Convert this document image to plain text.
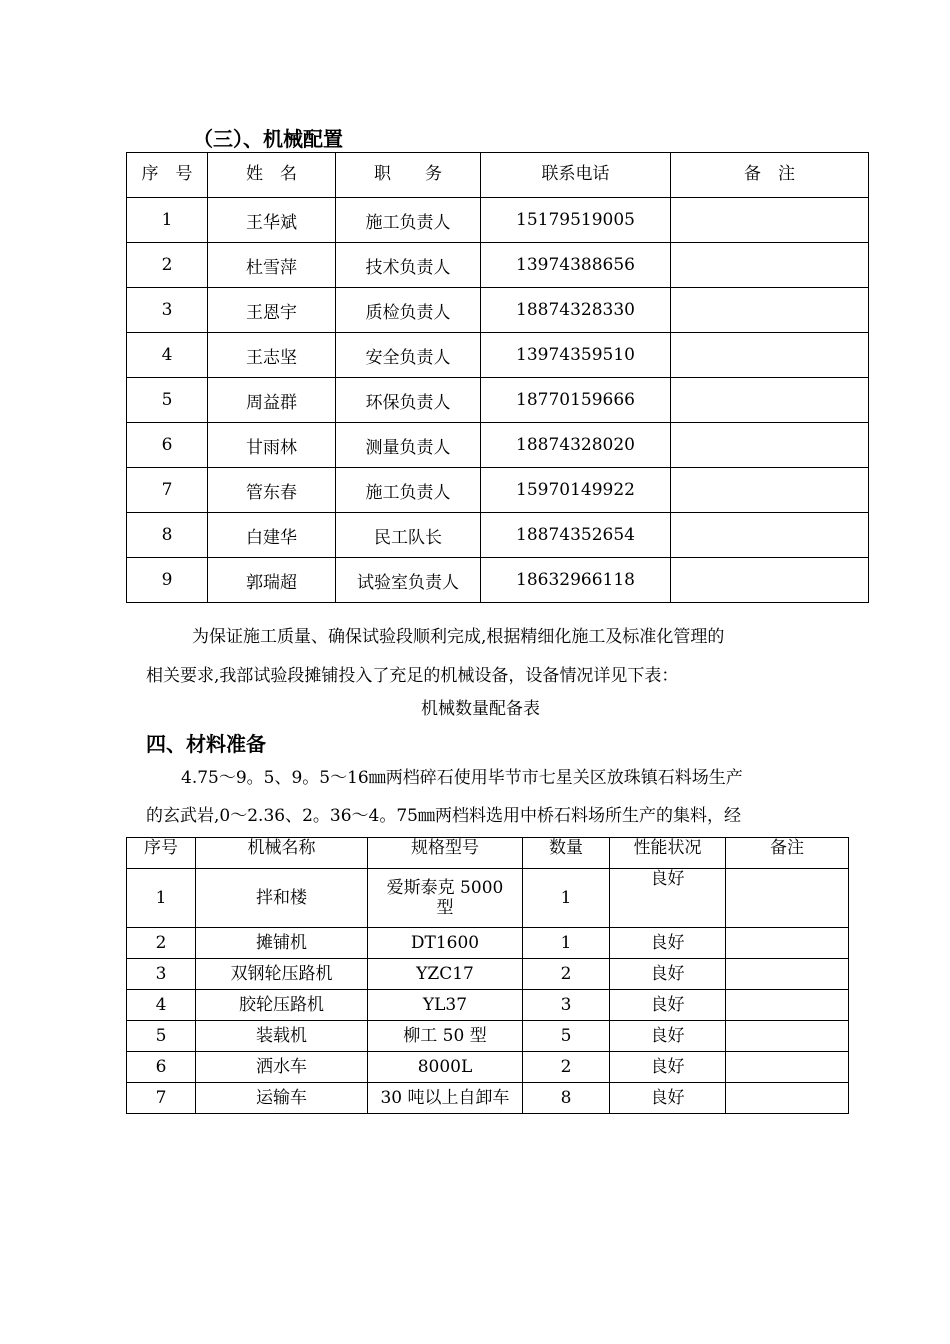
（三）、机械配置
序　号	姓　名	职　　务	联系电话	备　注
1	王华斌	施工负责人	15179519005	
2	杜雪萍	技术负责人	13974388656	
3	王恩宇	质检负责人	18874328330	
4	王志坚	安全负责人	13974359510	
5	周益群	环保负责人	18770159666	
6	甘雨林	测量负责人	18874328020	
7	管东春	施工负责人	15970149922	
8	白建华	民工队长	18874352654	
9	郭瑞超	试验室负责人	18632966118	
为保证施工质量、确保试验段顺利完成,根据精细化施工及标准化管理的
相关要求,我部试验段摊铺投入了充足的机械设备，设备情况详见下表：
机械数量配备表
四、材料准备
4.75～9。5、9。5～16㎜两档碎石使用毕节市七星关区放珠镇石料场生产
的玄武岩,0～2.36、2。36～4。75㎜两档料选用中桥石料场所生产的集料，经
序号	机械名称	规格型号	数量	性能状况	备注
1	拌和楼	爱斯泰克 5000 型	1	良好	
2	摊铺机	DT1600	1	良好	
3	双钢轮压路机	YZC17	2	良好	
4	胶轮压路机	YL37	3	良好	
5	装载机	柳工 50 型	5	良好	
6	洒水车	8000L	2	良好	
7	运输车	30 吨以上自卸车	8	良好	
